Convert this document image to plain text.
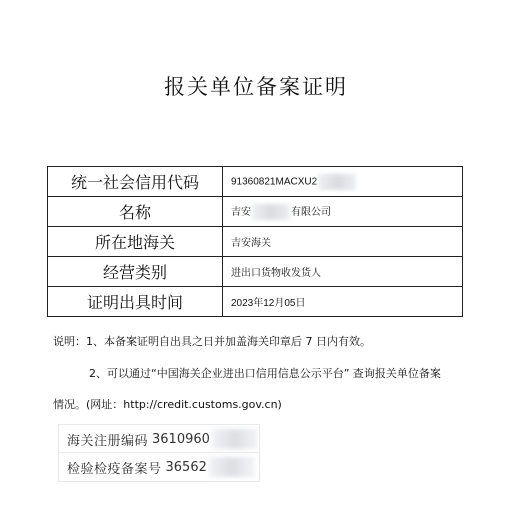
报关单位备案证明
统一社会信用代码	91360821MACXU2
名称	吉安 有限公司
所在地海关	吉安海关
经营类别	进出口货物收发货人
证明出具时间	2023年12月05日
说明：1、本备案证明自出具之日并加盖海关印章后 7 日内有效。
2、可以通过“中国海关企业进出口信用信息公示平台” 查询报关单位备案
情况。(网址：http://credit.customs.gov.cn)
海关注册编码 3610960
检验检疫备案号 36562
